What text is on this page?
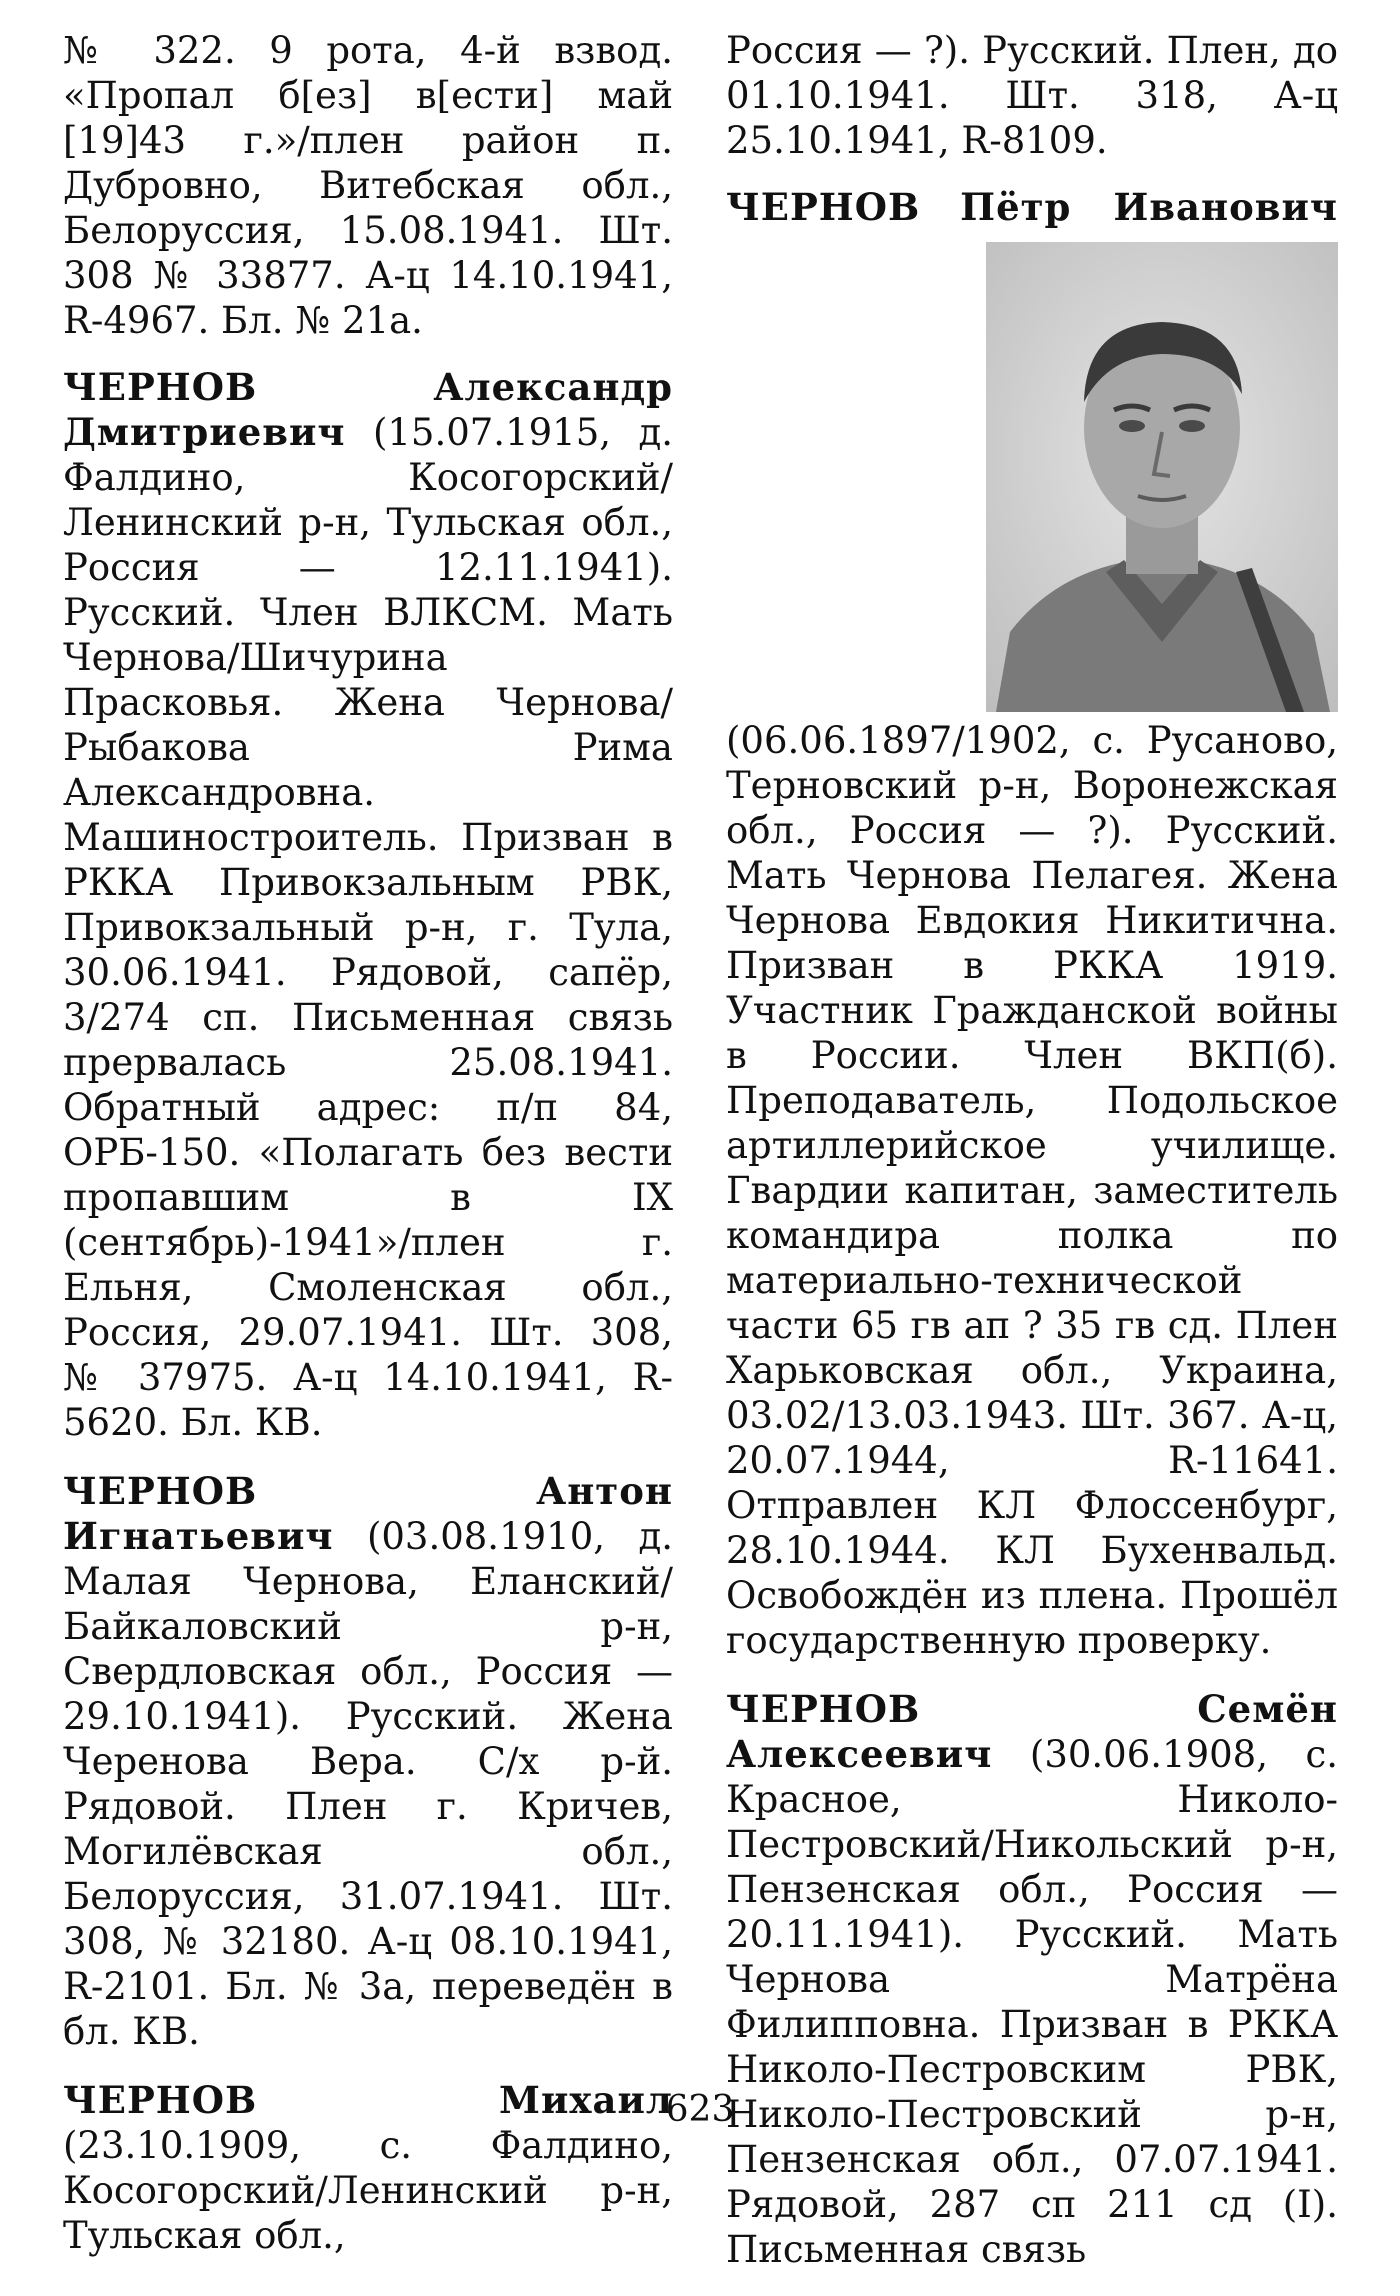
№ 322. 9 рота, 4-й взвод. «Пропал б[ез] в[ести] май [19]43 г.»/плен район п. Дубровно, Витебская обл., Белоруссия, 15.08.1941. Шт. 308 № 33877. А-ц 14.10.1941, R-4967. Бл. № 21а.

ЧЕРНОВ	Александр Дмитриевич (15.07.1915, д. Фалдино, Косогорский/Ленинский р-н, Тульская обл., Россия — 12.11.1941). Русский. Член ВЛКСМ. Мать Чернова/Шичурина Прасковья. Жена Чернова/Рыбакова Рима Александровна. Машиностроитель. Призван в РККА Привокзальным РВК, Привокзальный р-н, г. Тула, 30.06.1941. Рядовой, сапёр, 3/274 сп. Письменная связь прервалась 25.08.1941. Обратный адрес: п/п 84, ОРБ-150. «Полагать без вести пропавшим в IX (сентябрь)-1941»/плен г. Ельня, Смоленская обл., Россия, 29.07.1941. Шт. 308, № 37975. А-ц 14.10.1941, R-5620. Бл. КВ.

ЧЕРНОВ	Антон Игнатьевич (03.08.1910, д. Малая Чернова, Еланский/Байкаловский р-н, Свердловская обл., Россия — 29.10.1941). Русский. Жена Черенова Вера. С/х р-й. Рядовой. Плен г. Кричев, Могилёвская обл., Белоруссия, 31.07.1941. Шт. 308, № 32180. А-ц 08.10.1941, R-2101. Бл. № 3а, переведён в бл. КВ.

ЧЕРНОВ	Михаил (23.10.1909, с. Фалдино, Косогорский/Ленинский р-н, Тульская обл.,

Россия — ?). Русский. Плен, до 01.10.1941. Шт. 318, А-ц 25.10.1941, R-8109.

ЧЕРНОВ Пётр Иванович
(06.06.1897/1902, с. Русаново, Терновский р-н, Воронежская обл., Россия — ?). Русский. Мать Чернова Пелагея. Жена Чернова Евдокия Никитична. Призван в РККА 1919. Участник Гражданской войны в России. Член ВКП(б). Преподаватель, Подольское артиллерийское училище. Гвардии капитан, заместитель командира полка по материально-технической части 65 гв ап ? 35 гв сд. Плен Харьковская обл., Украина, 03.02/13.03.1943. Шт. 367. А-ц, 20.07.1944, R-11641. Отправлен КЛ Флоссенбург, 28.10.1944. КЛ Бухенвальд. Освобождён из плена. Прошёл государственную проверку.

ЧЕРНОВ	Семён Алексеевич (30.06.1908, с. Красное, Николо-Пестровский/Никольский р-н, Пензенская обл., Россия — 20.11.1941). Русский. Мать Чернова Матрёна Филипповна. Призван в РККА Николо-Пестровским РВК, Николо-Пестровский р-н, Пензенская обл., 07.07.1941. Рядовой, 287 сп 211 сд (I). Письменная связь

623
